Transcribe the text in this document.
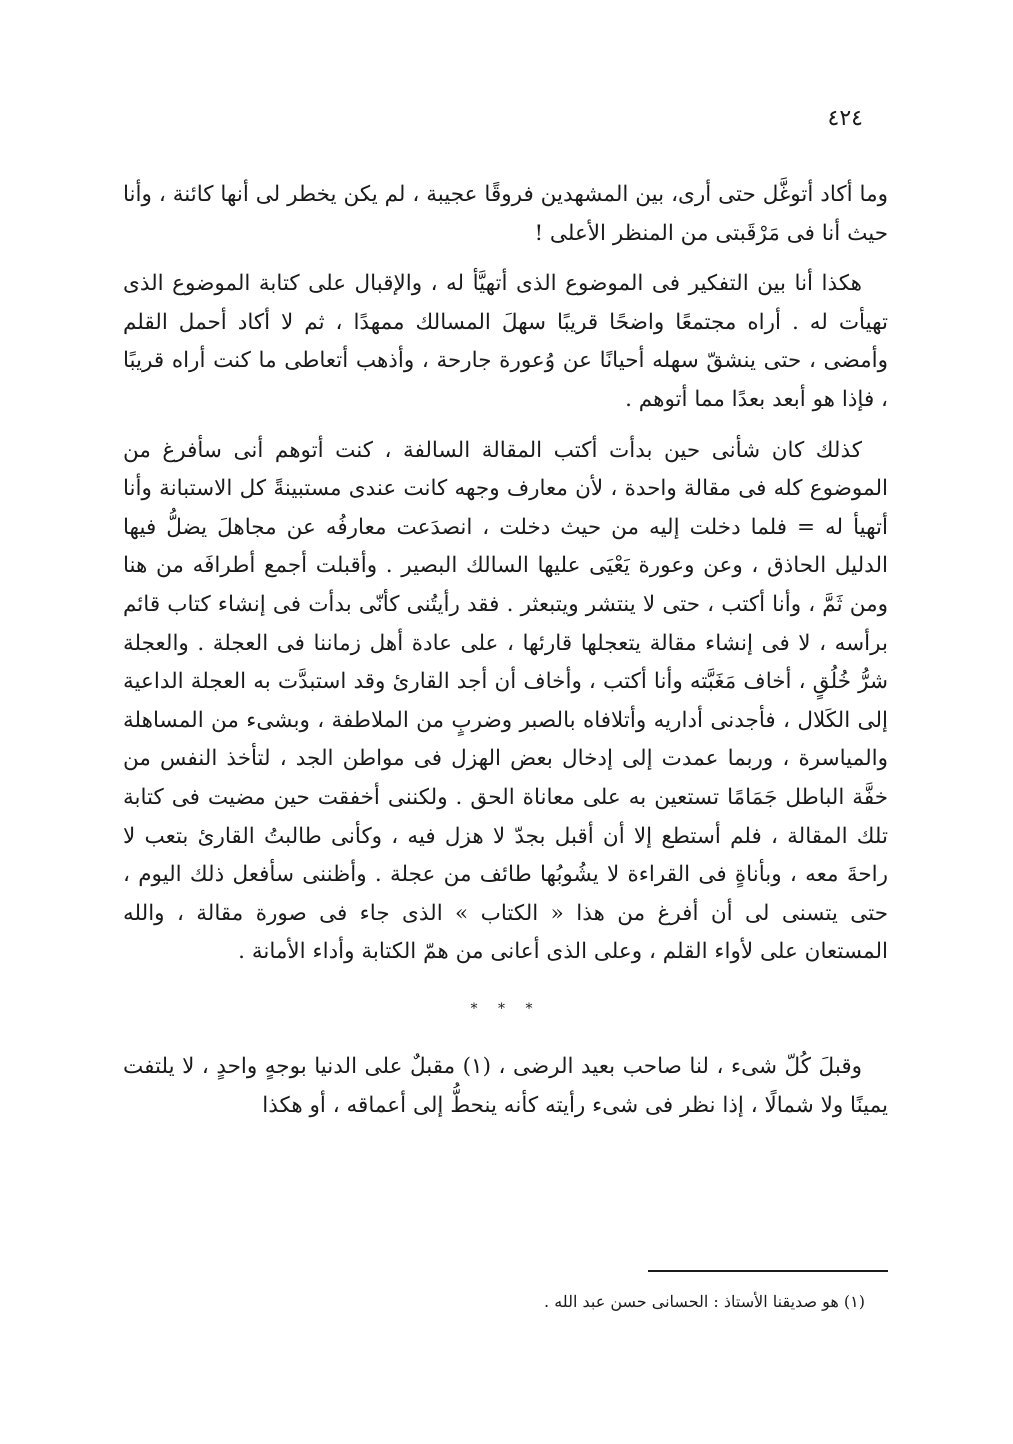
٤٢٤

وما أكاد أتوغَّل حتى أرى، بين المشهدين فروقًا عجيبة ، لم يكن يخطر لى أنها كائنة ، وأنا حيث أنا فى مَرْقَبتى من المنظر الأعلى !

هكذا أنا بين التفكير فى الموضوع الذى أتهيَّأ له ، والإقبال على كتابة الموضوع الذى تهيأت له . أراه مجتمعًا واضحًا قريبًا سهلَ المسالك ممهدًا ، ثم لا أكاد أحمل القلم وأمضى ، حتى ينشقّ سهله أحيانًا عن وُعورة جارحة ، وأذهب أتعاطى ما كنت أراه قريبًا ، فإذا هو أبعد بعدًا مما أتوهم .

كذلك كان شأنى حين بدأت أكتب المقالة السالفة ، كنت أتوهم أنى سأفرغ من الموضوع كله فى مقالة واحدة ، لأن معارف وجهه كانت عندى مستبينةً كل الاستبانة وأنا أتهيأ له = فلما دخلت إليه من حيث دخلت ، انصدَعت معارفُه عن مجاهلَ يضلُّ فيها الدليل الحاذق ، وعن وعورة يَعْيَى عليها السالك البصير . وأقبلت أجمع أطرافَه من هنا ومن ثَمَّ ، وأنا أكتب ، حتى لا ينتشر ويتبعثر . فقد رأيتُنى كأنّى بدأت فى إنشاء كتاب قائم برأسه ، لا فى إنشاء مقالة يتعجلها قارئها ، على عادة أهل زماننا فى العجلة . والعجلة شرُّ خُلُقٍ ، أخاف مَغَبَّته وأنا أكتب ، وأخاف أن أجد القارئ وقد استبدَّت به العجلة الداعية إلى الكَلال ، فأجدنى أداريه وأتلافاه بالصبر وضربٍ من الملاطفة ، وبشىء من المساهلة والمياسرة ، وربما عمدت إلى إدخال بعض الهزل فى مواطن الجد ، لتأخذ النفس من خفَّة الباطل جَمَامًا تستعين به على معاناة الحق . ولكننى أخفقت حين مضيت فى كتابة تلك المقالة ، فلم أستطع إلا أن أقبل بجدّ لا هزل فيه ، وكأنى طالبتُ القارئ بتعب لا راحةَ معه ، وبأناةٍ فى القراءة لا يشُوبُها طائف من عجلة . وأظننى سأفعل ذلك اليوم ، حتى يتسنى لى أن أفرغ من هذا « الكتاب » الذى جاء فى صورة مقالة ، والله المستعان على لأواء القلم ، وعلى الذى أعانى من همّ الكتابة وأداء الأمانة .

* * *

وقبلَ كُلّ شىء ، لنا صاحب بعيد الرضى ، (١) مقبلٌ على الدنيا بوجهٍ واحدٍ ، لا يلتفت يمينًا ولا شمالًا ، إذا نظر فى شىء رأيته كأنه ينحطُّ إلى أعماقه ، أو هكذا

(١) هو صديقنا الأستاذ : الحسانى حسن عبد الله .
